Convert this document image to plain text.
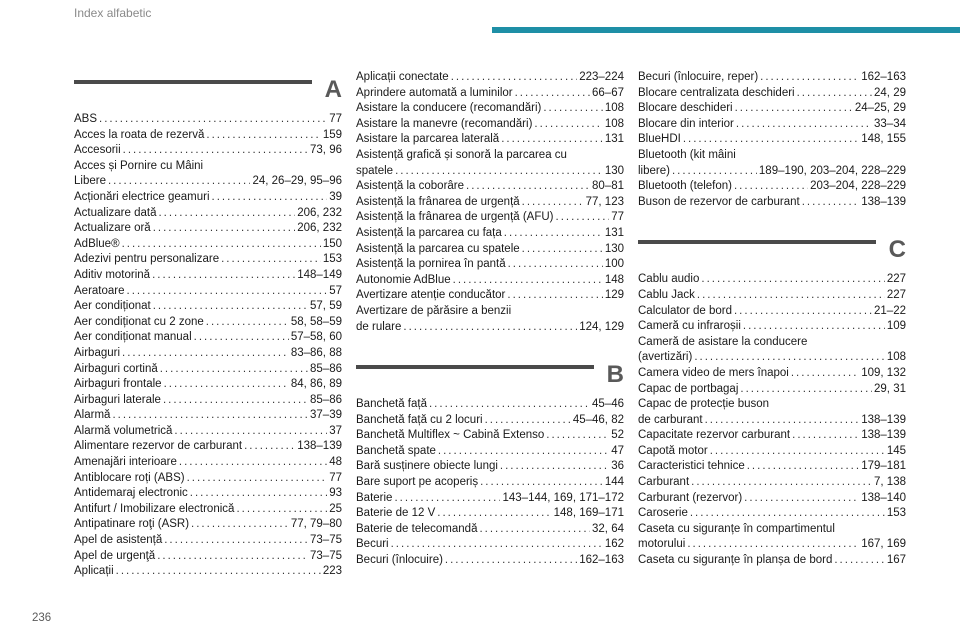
Index alfabetic
A
ABS .....	77
Acces la roata de rezervă .....	159
Accesorii .....	73, 96
Acces și Pornire cu Mâini
Libere .....	24, 26–29, 95–96
Acționări electrice geamuri .....	39
Actualizare dată .....	206, 232
Actualizare oră .....	206, 232
AdBlue® .....	150
Adezivi pentru personalizare .....	153
Aditiv motorină .....	148–149
Aeratoare .....	57
Aer condiționat .....	57, 59
Aer condiționat cu 2 zone .....	58, 58–59
Aer condiționat manual .....	57–58, 60
Airbaguri .....	83–86, 88
Airbaguri cortină .....	85–86
Airbaguri frontale .....	84, 86, 89
Airbaguri laterale .....	85–86
Alarmă .....	37–39
Alarmă volumetrică .....	37
Alimentare rezervor de carburant .....	138–139
Amenajări interioare .....	48
Antiblocare roți (ABS) .....	77
Antidemaraj electronic .....	93
Antifurt / Imobilizare electronică .....	25
Antipatinare roţi (ASR) .....	77, 79–80
Apel de asistență .....	73–75
Apel de urgenţă .....	73–75
Aplicații .....	223
Aplicații conectate .....	223–224
Aprindere automată a luminilor .....	66–67
Asistare la conducere (recomandări) .....	108
Asistare la manevre (recomandări) .....	108
Asistare la parcarea laterală .....	131
Asistență grafică și sonoră la parcarea cu
spatele .....	130
Asistență la coborâre .....	80–81
Asistență la frânarea de urgență .....	77, 123
Asistență la frânarea de urgență (AFU) .....	77
Asistență la parcarea cu fața .....	131
Asistență la parcarea cu spatele .....	130
Asistență la pornirea în pantă .....	100
Autonomie AdBlue .....	148
Avertizare atenție conducător .....	129
Avertizare de părăsire a benzii
de rulare .....	124, 129
B
Banchetă față .....	45–46
Banchetă față cu 2 locuri .....	45–46, 82
Banchetă Multiflex ~ Cabină Extenso .....	52
Banchetă spate .....	47
Bară susținere obiecte lungi .....	36
Bare suport pe acoperiș .....	144
Baterie .....	143–144, 169, 171–172
Baterie de 12 V .....	148, 169–171
Baterie de telecomandă .....	32, 64
Becuri .....	162
Becuri (înlocuire) .....	162–163
Becuri (înlocuire, reper) .....	162–163
Blocare centralizata deschideri .....	24, 29
Blocare deschideri .....	24–25, 29
Blocare din interior .....	33–34
BlueHDI .....	148, 155
Bluetooth (kit mâini
libere) .....	189–190, 203–204, 228–229
Bluetooth (telefon) .....	203–204, 228–229
Buson de rezervor de carburant .....	138–139
C
Cablu audio .....	227
Cablu Jack .....	227
Calculator de bord .....	21–22
Cameră cu infraroșii .....	109
Cameră de asistare la conducere
(avertizări) .....	108
Camera video de mers înapoi .....	109, 132
Capac de portbagaj .....	29, 31
Capac de protecție buson
de carburant .....	138–139
Capacitate rezervor carburant .....	138–139
Capotă motor .....	145
Caracteristici tehnice .....	179–181
Carburant .....	7, 138
Carburant (rezervor) .....	138–140
Caroserie .....	153
Caseta cu siguranțe în compartimentul
motorului .....	167, 169
Caseta cu siguranțe în planșa de bord .....	167
236
